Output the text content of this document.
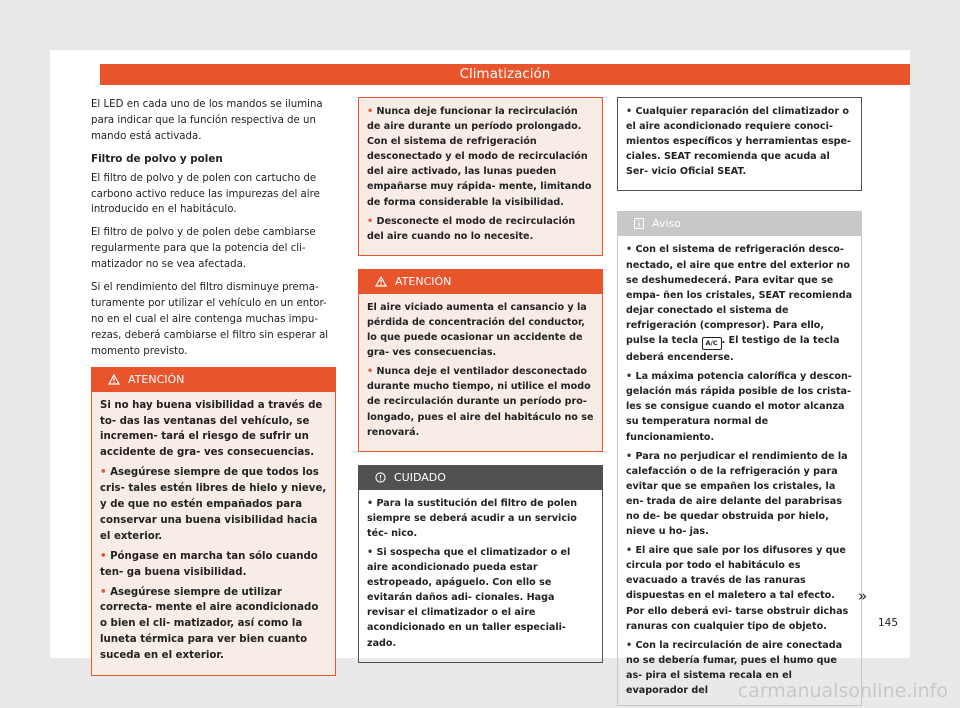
Climatización

El LED en cada uno de los mandos se ilumina para indicar que la función respectiva de un mando está activada.

Filtro de polvo y polen

El filtro de polvo y de polen con cartucho de carbono activo reduce las impurezas del aire introducido en el habitáculo.

El filtro de polvo y de polen debe cambiarse regularmente para que la potencia del cli- matizador no se vea afectada.

Si el rendimiento del filtro disminuye prema- turamente por utilizar el vehículo en un entor- no en el cual el aire contenga muchas impu- rezas, deberá cambiarse el filtro sin esperar al momento previsto.

ATENCIÓN

Si no hay buena visibilidad a través de to- das las ventanas del vehículo, se incremen- tará el riesgo de sufrir un accidente de gra- ves consecuencias.

• Asegúrese siempre de que todos los cris- tales estén libres de hielo y nieve, y de que no estén empañados para conservar una buena visibilidad hacia el exterior.

• Póngase en marcha tan sólo cuando ten- ga buena visibilidad.

• Asegúrese siempre de utilizar correcta- mente el aire acondicionado o bien el cli- matizador, así como la luneta térmica para ver bien cuanto suceda en el exterior.

• Nunca deje funcionar la recirculación de aire durante un período prolongado. Con el sistema de refrigeración desconectado y el modo de recirculación del aire activado, las lunas pueden empañarse muy rápida- mente, limitando de forma considerable la visibilidad.

• Desconecte el modo de recirculación del aire cuando no lo necesite.

ATENCIÓN

El aire viciado aumenta el cansancio y la pérdida de concentración del conductor, lo que puede ocasionar un accidente de gra- ves consecuencias.

• Nunca deje el ventilador desconectado durante mucho tiempo, ni utilice el modo de recirculación durante un período pro- longado, pues el aire del habitáculo no se renovará.

CUIDADO

• Para la sustitución del filtro de polen siempre se deberá acudir a un servicio téc- nico.

• Si sospecha que el climatizador o el aire acondicionado pueda estar estropeado, apáguelo. Con ello se evitarán daños adi- cionales. Haga revisar el climatizador o el aire acondicionado en un taller especiali- zado.

• Cualquier reparación del climatizador o el aire acondicionado requiere conoci- mientos específicos y herramientas espe- ciales. SEAT recomienda que acuda al Ser- vicio Oficial SEAT.

Aviso

• Con el sistema de refrigeración desco- nectado, el aire que entre del exterior no se deshumedecerá. Para evitar que se empa- ñen los cristales, SEAT recomienda dejar conectado el sistema de refrigeración (compresor). Para ello, pulse la tecla A/C . El testigo de la tecla deberá encenderse.

• La máxima potencia calorífica y descon- gelación más rápida posible de los crista- les se consigue cuando el motor alcanza su temperatura normal de funcionamiento.

• Para no perjudicar el rendimiento de la calefacción o de la refrigeración y para evitar que se empañen los cristales, la en- trada de aire delante del parabrisas no de- be quedar obstruida por hielo, nieve u ho- jas.

• El aire que sale por los difusores y que circula por todo el habitáculo es evacuado a través de las ranuras dispuestas en el maletero a tal efecto. Por ello deberá evi- tarse obstruir dichas ranuras con cualquier tipo de objeto.

• Con la recirculación de aire conectada no se debería fumar, pues el humo que as- pira el sistema recala en el evaporador del

»
145
carmanualsonline.info
